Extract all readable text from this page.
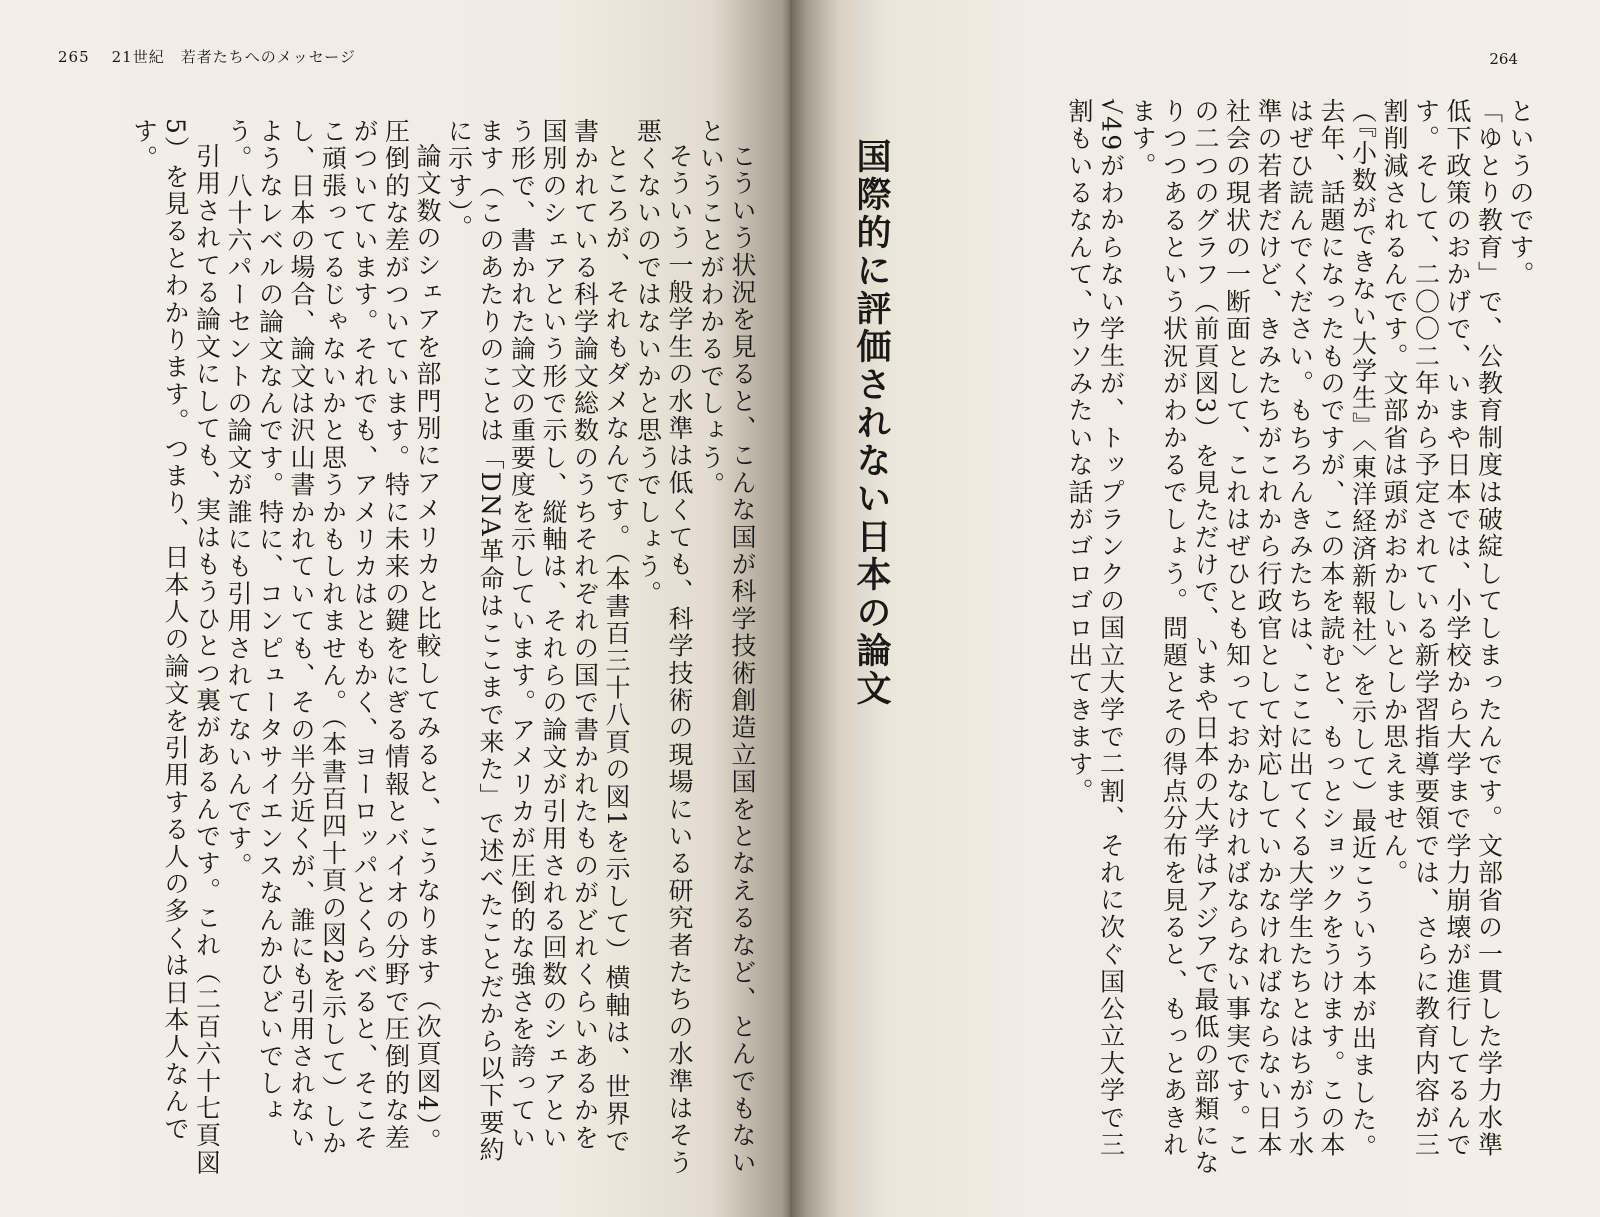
265 21世紀　若者たちへのメッセージ

こういう状況を見ると、こんな国が科学技術創造立国をとなえるなど、とんでもないということがわかるでしょう。

そういう一般学生の水準は低くても、科学技術の現場にいる研究者たちの水準はそう悪くないのではないかと思うでしょう。

ところが、それもダメなんです。（本書百三十八頁の図1を示して）横軸は、世界で書かれている科学論文総数のうちそれぞれの国で書かれたものがどれくらいあるかを国別のシェアという形で示し、縦軸は、それらの論文が引用される回数のシェアという形で、書かれた論文の重要度を示しています。アメリカが圧倒的な強さを誇っています（このあたりのことは「DNA革命はここまで来た」で述べたことだから以下要約に示す）。

論文数のシェアを部門別にアメリカと比較してみると、こうなります（次頁図4）。圧倒的な差がついています。特に未来の鍵をにぎる情報とバイオの分野で圧倒的な差がついています。それでも、アメリカはともかく、ヨーロッパとくらべると、そこそこ頑張ってるじゃないかと思うかもしれません。（本書百四十頁の図2を示して）しかし、日本の場合、論文は沢山書かれていても、その半分近くが、誰にも引用されないようなレベルの論文なんです。特に、コンピュータサイエンスなんかひどいでしょう。八十六パーセントの論文が誰にも引用されてないんです。

引用されてる論文にしても、実はもうひとつ裏があるんです。これ（二百六十七頁図5）を見るとわかります。つまり、日本人の論文を引用する人の多くは日本人なんです。

264

というのです。

「ゆとり教育」で、公教育制度は破綻してしまったんです。文部省の一貫した学力水準低下政策のおかげで、いまや日本では、小学校から大学まで学力崩壊が進行してるんです。そして、二〇〇二年から予定されている新学習指導要領では、さらに教育内容が三割削減されるんです。文部省は頭がおかしいとしか思えません。

（『小数ができない大学生』〈東洋経済新報社〉を示して）最近こういう本が出ました。去年、話題になったものですが、この本を読むと、もっとショックをうけます。この本はぜひ読んでください。もちろんきみたちは、ここに出てくる大学生たちとはちがう水準の若者だけど、きみたちがこれから行政官として対応していかなければならない日本社会の現状の一断面として、これはぜひとも知っておかなければならない事実です。この二つのグラフ（前頁図3）を見ただけで、いまや日本の大学はアジアで最低の部類になりつつあるという状況がわかるでしょう。問題とその得点分布を見ると、もっとあきれます。

√49がわからない学生が、トップランクの国立大学で二割、それに次ぐ国公立大学で三割もいるなんて、ウソみたいな話がゴロゴロ出てきます。

国際的に評価されない日本の論文
